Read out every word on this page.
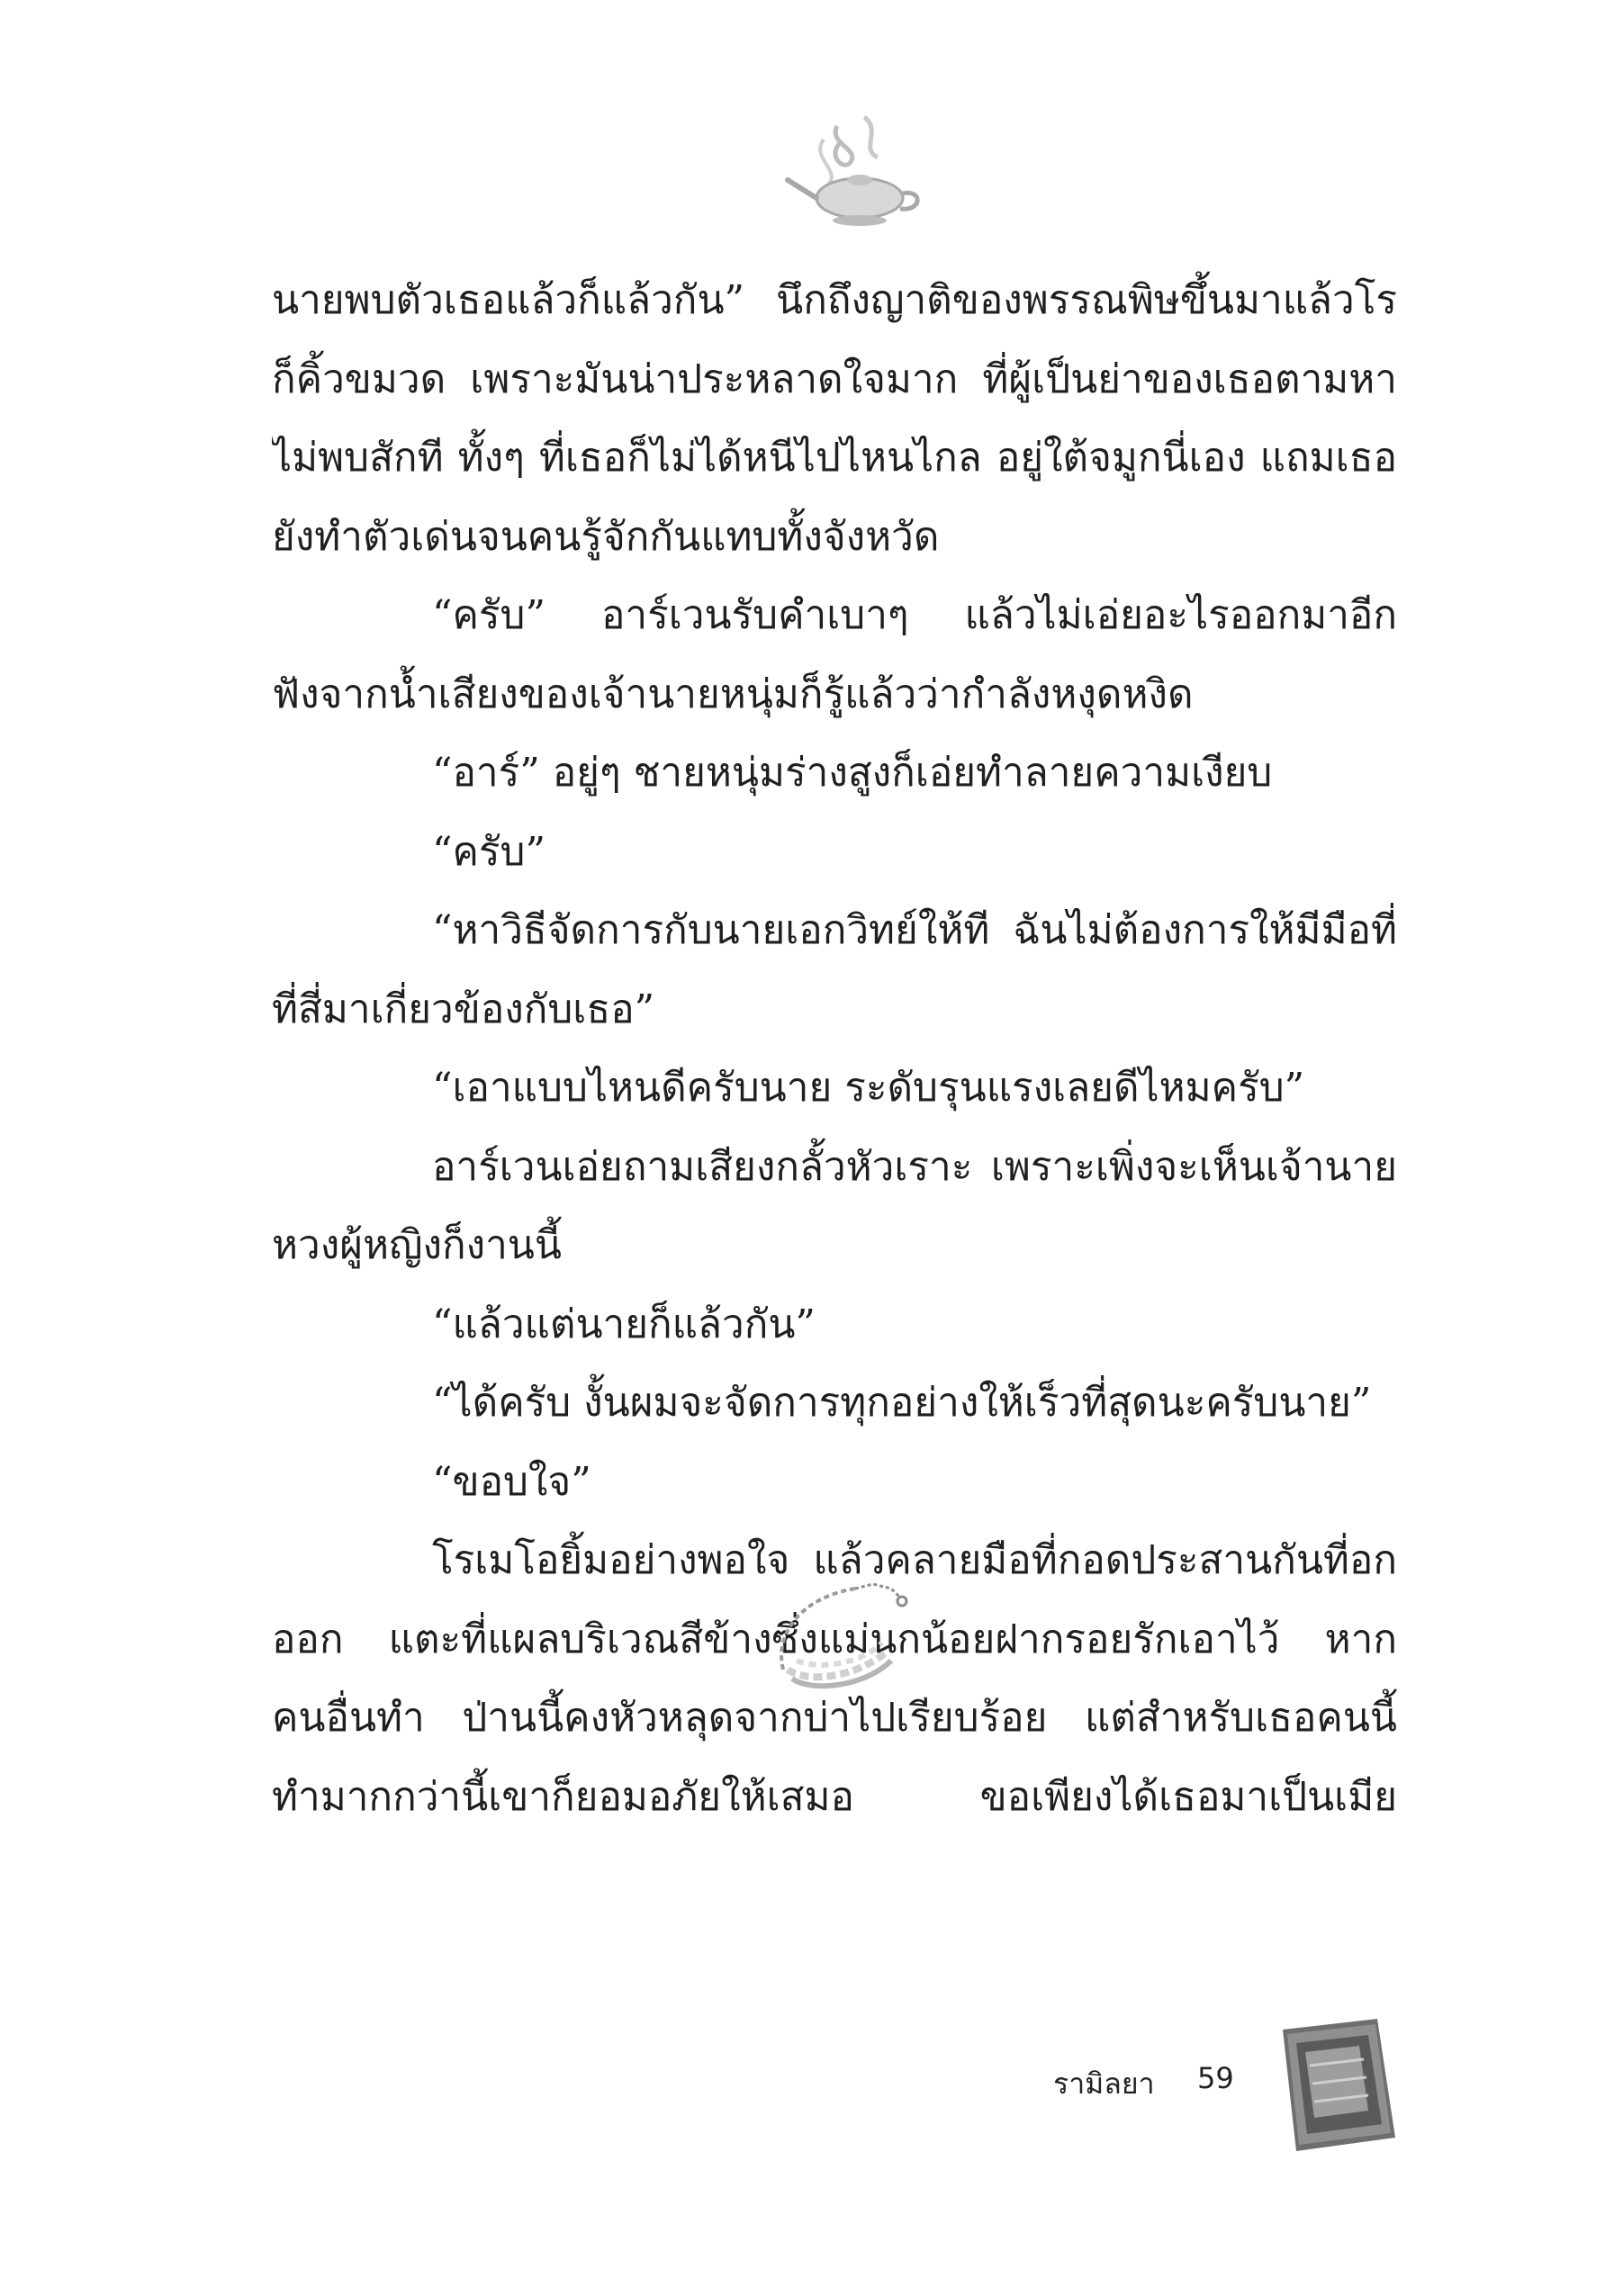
นายพบตัวเธอแล้วก็แล้วกัน” นึกถึงญาติของพรรณพิษขึ้นมาแล้วโร
ก็คิ้วขมวด เพราะมันน่าประหลาดใจมาก ที่ผู้เป็นย่าของเธอตามหา
ไม่พบสักที ทั้งๆ ที่เธอก็ไม่ได้หนีไปไหนไกล อยู่ใต้จมูกนี่เอง แถมเธอ
ยังทำตัวเด่นจนคนรู้จักกันแทบทั้งจังหวัด
“ครับ” อาร์เวนรับคำเบาๆ แล้วไม่เอ่ยอะไรออกมาอีก
ฟังจากน้ำเสียงของเจ้านายหนุ่มก็รู้แล้วว่ากำลังหงุดหงิด
“อาร์” อยู่ๆ ชายหนุ่มร่างสูงก็เอ่ยทำลายความเงียบ
“ครับ”
“หาวิธีจัดการกับนายเอกวิทย์ให้ที ฉันไม่ต้องการให้มีมือที่
ที่สี่มาเกี่ยวข้องกับเธอ”
“เอาแบบไหนดีครับนาย ระดับรุนแรงเลยดีไหมครับ”
อาร์เวนเอ่ยถามเสียงกลั้วหัวเราะ เพราะเพิ่งจะเห็นเจ้านาย
หวงผู้หญิงก็งานนี้
“แล้วแต่นายก็แล้วกัน”
“ได้ครับ งั้นผมจะจัดการทุกอย่างให้เร็วที่สุดนะครับนาย”
“ขอบใจ”
โรเมโอยิ้มอย่างพอใจ แล้วคลายมือที่กอดประสานกันที่อก
ออก แตะที่แผลบริเวณสีข้างซึ่งแม่นกน้อยฝากรอยรักเอาไว้ หาก
คนอื่นทำ ป่านนี้คงหัวหลุดจากบ่าไปเรียบร้อย แต่สำหรับเธอคนนี้
ทำมากกว่านี้เขาก็ยอมอภัยให้เสมอ ขอเพียงได้เธอมาเป็นเมีย
รามิลยา 59
